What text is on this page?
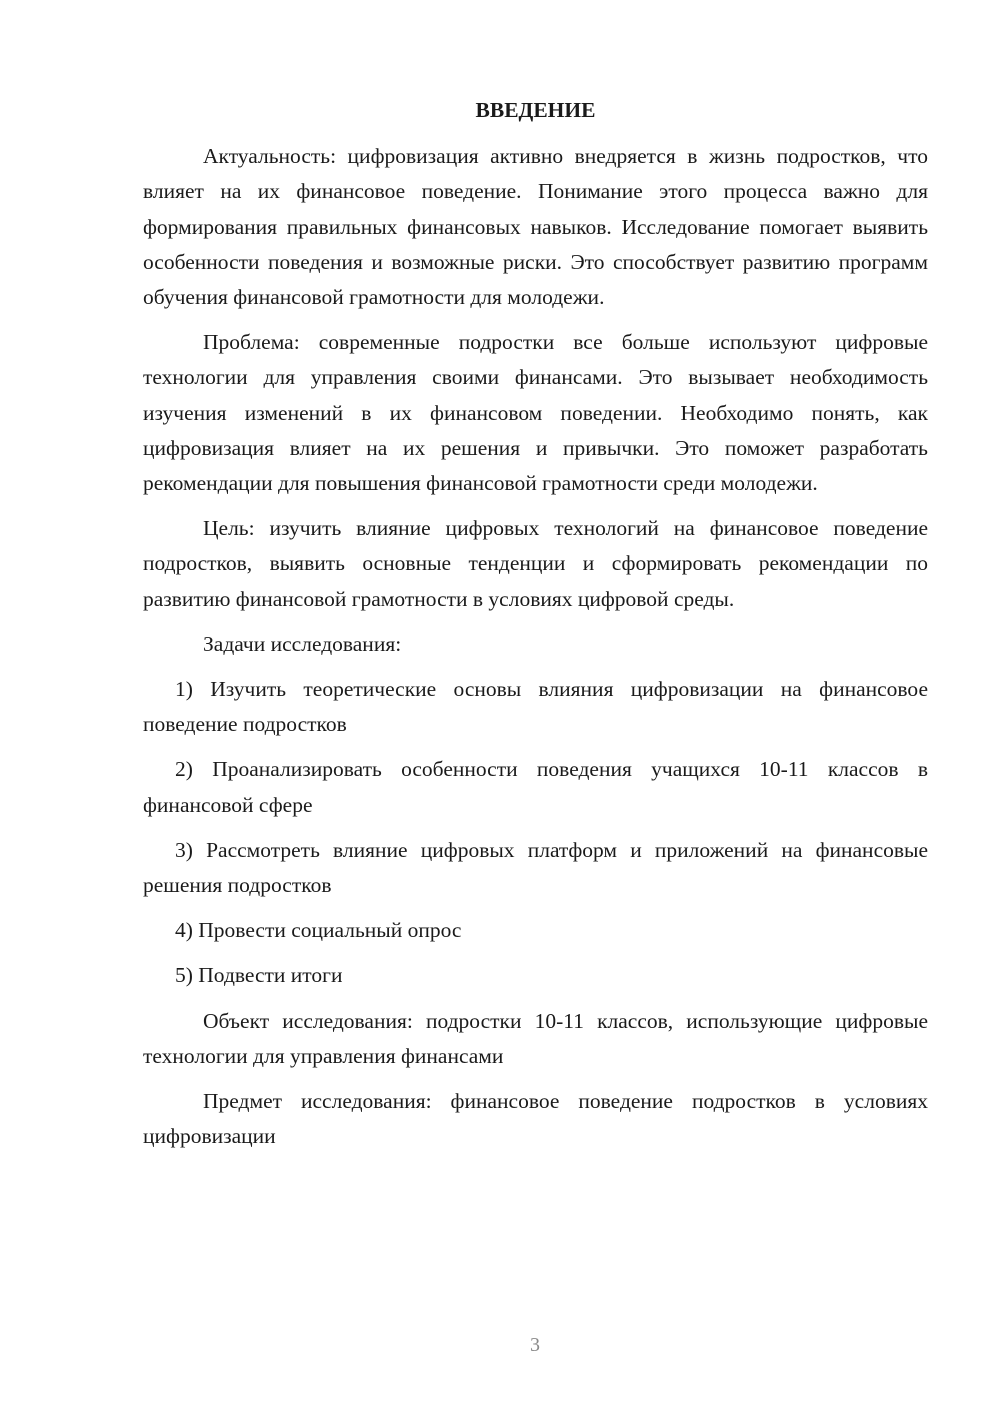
ВВЕДЕНИЕ

Актуальность: цифровизация активно внедряется в жизнь подростков, что влияет на их финансовое поведение. Понимание этого процесса важно для формирования правильных финансовых навыков. Исследование помогает выявить особенности поведения и возможные риски. Это способствует развитию программ обучения финансовой грамотности для молодежи.

Проблема: современные подростки все больше используют цифровые технологии для управления своими финансами. Это вызывает необходимость изучения изменений в их финансовом поведении. Необходимо понять, как цифровизация влияет на их решения и привычки. Это поможет разработать рекомендации для повышения финансовой грамотности среди молодежи.

Цель: изучить влияние цифровых технологий на финансовое поведение подростков, выявить основные тенденции и сформировать рекомендации по развитию финансовой грамотности в условиях цифровой среды.

Задачи исследования:

1) Изучить теоретические основы влияния цифровизации на финансовое поведение подростков

2) Проанализировать особенности поведения учащихся 10-11 классов в финансовой сфере

3) Рассмотреть влияние цифровых платформ и приложений на финансовые решения подростков

4) Провести социальный опрос

5) Подвести итоги

Объект исследования: подростки 10-11 классов, использующие цифровые технологии для управления финансами

Предмет исследования: финансовое поведение подростков в условиях цифровизации

3
